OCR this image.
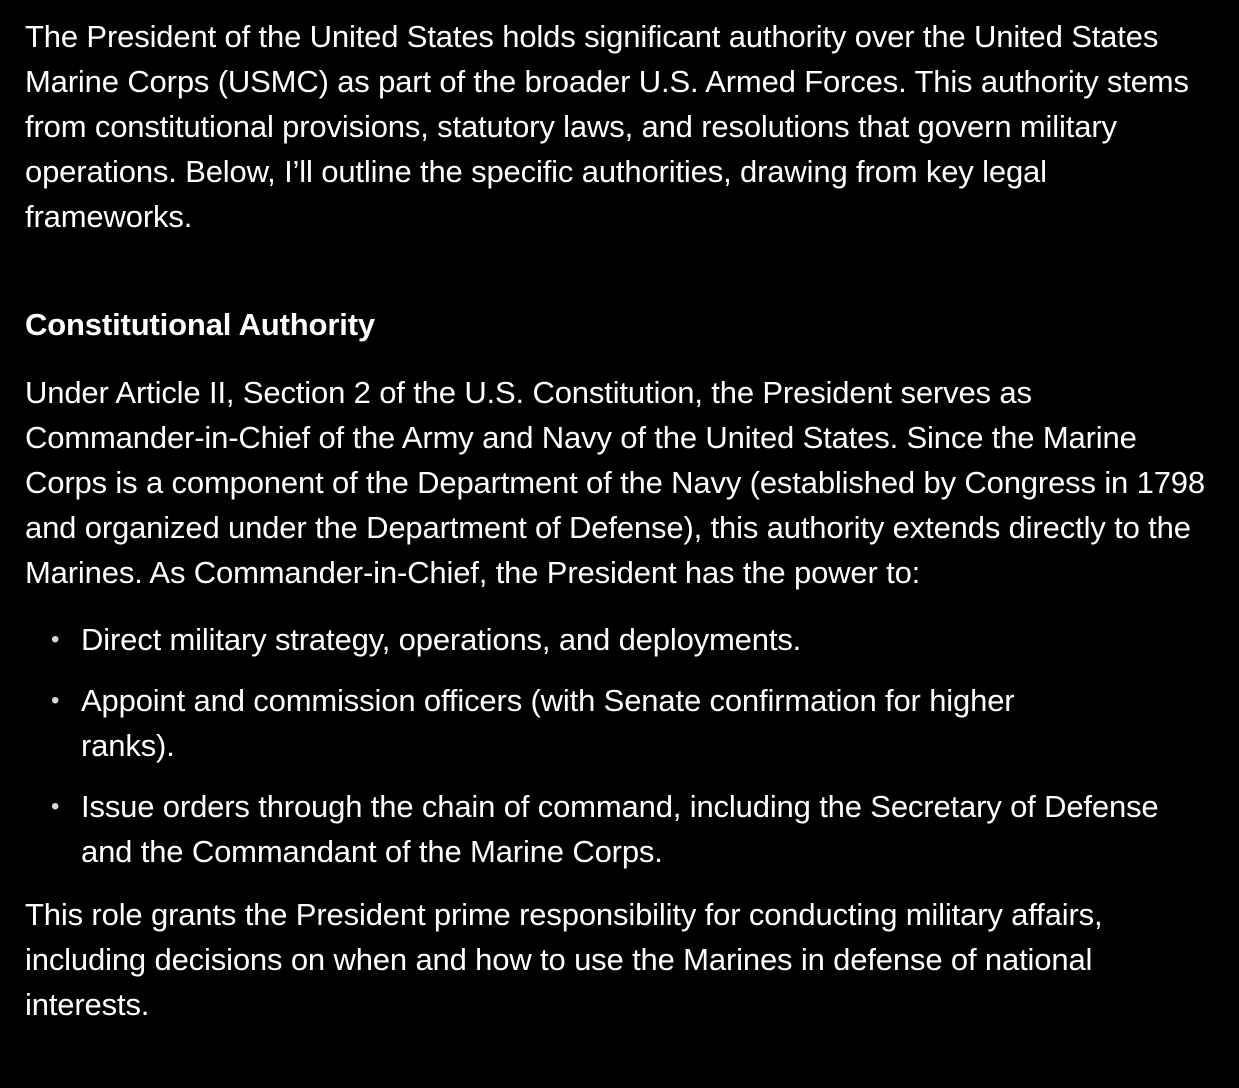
The President of the United States holds significant authority over the United States Marine Corps (USMC) as part of the broader U.S. Armed Forces. This authority stems from constitutional provisions, statutory laws, and resolutions that govern military operations. Below, I’ll outline the specific authorities, drawing from key legal frameworks.

Constitutional Authority

Under Article II, Section 2 of the U.S. Constitution, the President serves as Commander-in-Chief of the Army and Navy of the United States. Since the Marine Corps is a component of the Department of the Navy (established by Congress in 1798 and organized under the Department of Defense), this authority extends directly to the Marines. As Commander-in-Chief, the President has the power to:

• Direct military strategy, operations, and deployments.
• Appoint and commission officers (with Senate confirmation for higher ranks).
• Issue orders through the chain of command, including the Secretary of Defense and the Commandant of the Marine Corps.

This role grants the President prime responsibility for conducting military affairs, including decisions on when and how to use the Marines in defense of national interests.
